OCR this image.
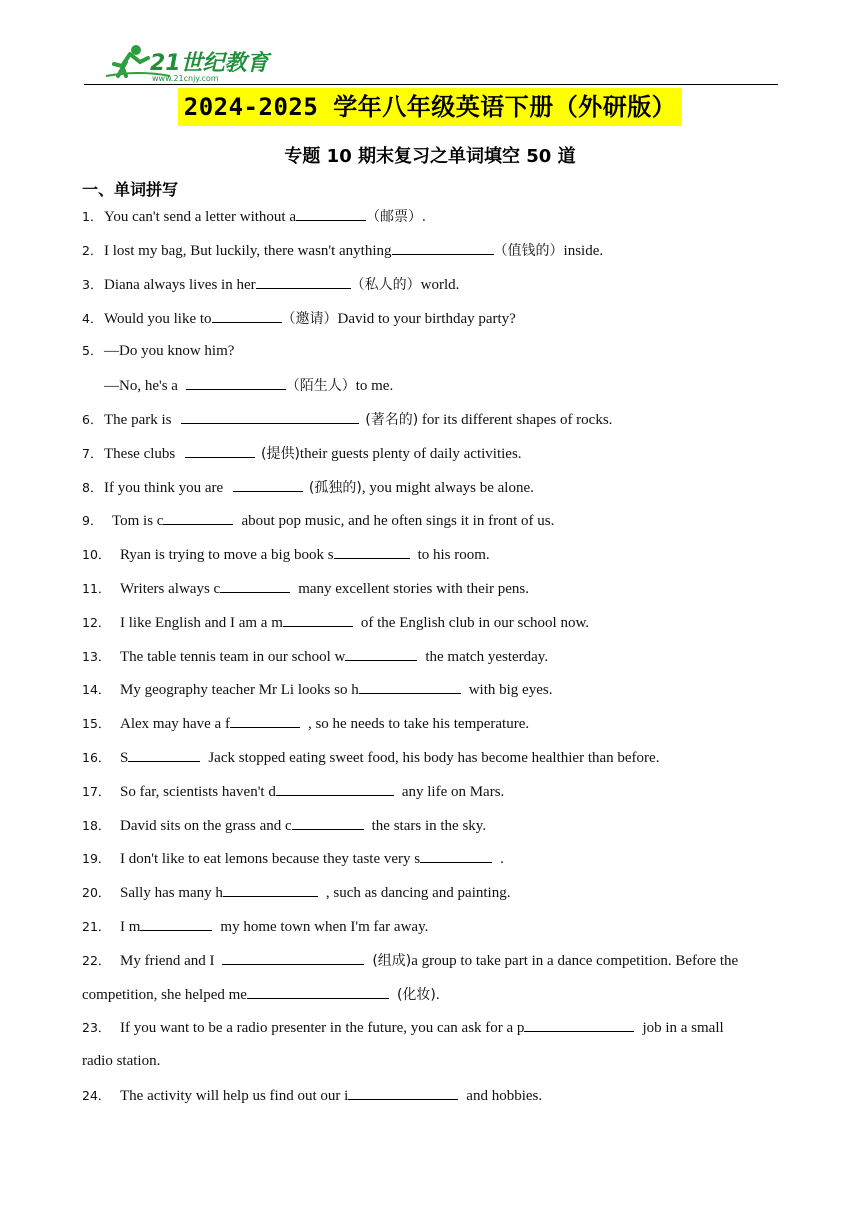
21世纪教育
www.21cnjy.com
2024-2025 学年八年级英语下册（外研版）
专题 10 期末复习之单词填空 50 道
一、单词拼写
1． You can't send a letter without a	（邮票）.
2． I lost my bag, But luckily, there wasn't anything	（值钱的）inside.
3． Diana always lives in her	（私人的）world.
4． Would you like to	（邀请）David to your birthday party?
5． —Do you know him?
—No, he's a	（陌生人）to me.
6． The park is	(著名的) for its different shapes of rocks.
7． These clubs	(提供)their guests plenty of daily activities.
8． If you think you are	(孤独的), you might always be alone.
9． Tom is c	about pop music, and he often sings it in front of us.
10． Ryan is trying to move a big book s	to his room.
11． Writers always c	many excellent stories with their pens.
12． I like English and I am a m	of the English club in our school now.
13． The table tennis team in our school w	the match yesterday.
14． My geography teacher Mr Li looks so h	with big eyes.
15． Alex may have a f	, so he needs to take his temperature.
16． S	Jack stopped eating sweet food, his body has become healthier than before.
17． So far, scientists haven't d	any life on Mars.
18． David sits on the grass and c	the stars in the sky.
19． I don't like to eat lemons because they taste very s	.
20． Sally has many h	, such as dancing and painting.
21． I m	my home town when I'm far away.
22． My friend and I	(组成)a group to take part in a dance competition. Before the
competition, she helped me	(化妆).
23． If you want to be a radio presenter in the future, you can ask for a p	job in a small
radio station.
24． The activity will help us find out our i	and hobbies.
